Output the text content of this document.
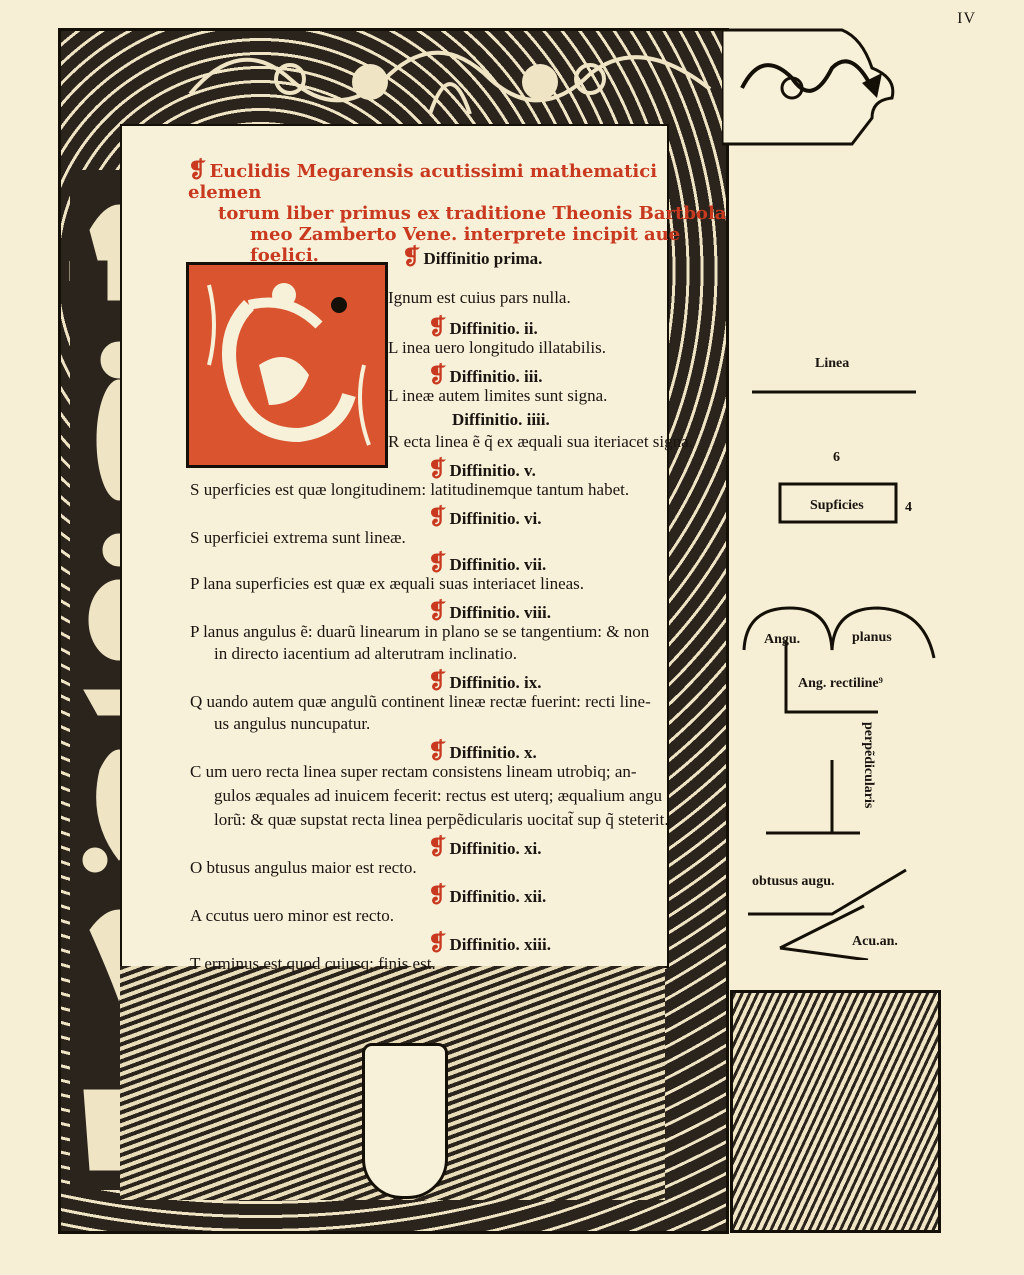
IV
❡ Euclidis Megarensis acutissimi mathematici elemen
torum liber primus ex traditione Theonis Bartbola
meo Zamberto Vene. interprete incipit aue foelici.	❡ Diffinitio prima.
Ignum est cuius pars nulla.
❡ Diffinitio. ii.
L inea uero longitudo illatabilis.
❡ Diffinitio. iii.
L ineæ autem limites sunt signa.
Diffinitio. iiii.
R ecta linea ẽ q̃ ex æquali sua iteriacet signa.
❡ Diffinitio. v.
S uperficies est quæ longitudinem: latitudinemque tantum habet.
❡ Diffinitio. vi.
S uperficiei extrema sunt lineæ.
❡ Diffinitio. vii.
P lana superficies est quæ ex æquali suas interiacet lineas.
❡ Diffinitio. viii.
P lanus angulus ẽ: duarũ linearum in plano se se tangentium: & non
in directo iacentium ad alterutram inclinatio.
❡ Diffinitio. ix.
Q uando autem quæ angulũ continent lineæ rectæ fuerint: recti line-
us angulus nuncupatur.
❡ Diffinitio. x.
C um uero recta linea super rectam consistens lineam utrobiq; an-
gulos æquales ad inuicem fecerit: rectus est uterq; æqualium angu
lorũ: & quæ supstat recta linea perpẽdicularis uocitat̃ sup q̃ steterit.
❡ Diffinitio. xi.
O btusus angulus maior est recto.
❡ Diffinitio. xii.
A ccutus uero minor est recto.
❡ Diffinitio. xiii.
T erminus est quod cuiusq; finis est.
Linea
6
Supficies	4
Angu.	planus
Ang. rectiline⁹
perpẽdicularis
obtusus augu.
Acu.an.
